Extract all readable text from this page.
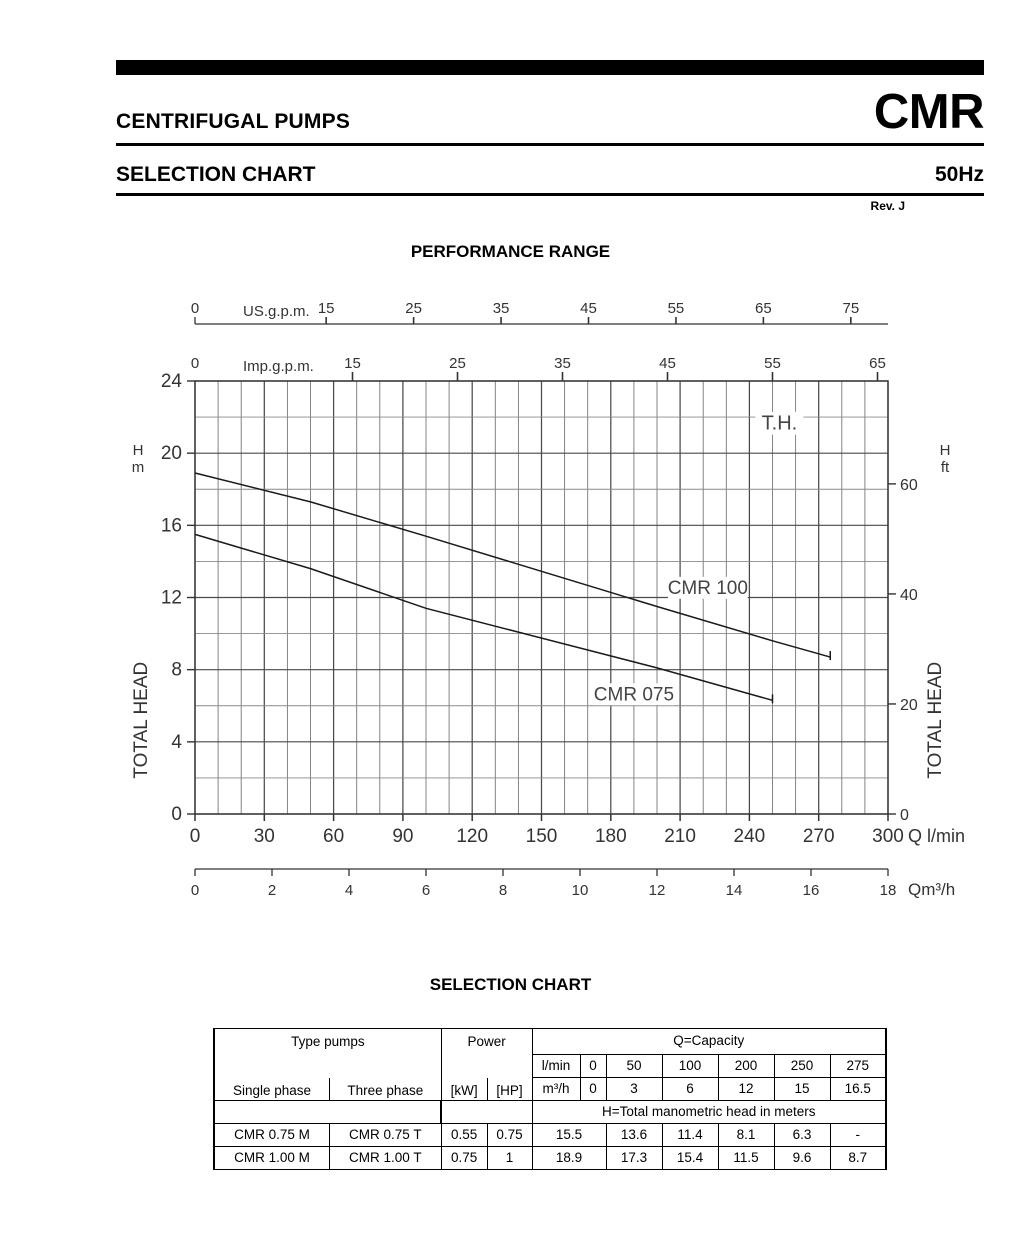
CENTRIFUGAL PUMPS	CMR
SELECTION CHART	50Hz
Rev. J
PERFORMANCE RANGE
0	15	25	35	45	55	65	75
US.g.p.m.
0	15	25	35	45	55	65
Imp.g.p.m.
0
4
8
12
16
20
24
H
m
TOTAL HEAD
0
20
40
60
H
ft
TOTAL HEAD
T.H.
CMR 100
CMR 075
0	30	60	90 120 150 180 210 240 270 300 Q l/min
0	2	4	6	8	10	12	14	16	18 Qm³/h
SELECTION CHART
Type pumps		Power		Q=Capacity						
				l/min	0	50	100	200	250	275
Single phase	Three phase	[kW]	[HP]	m³/h	0	3	6	12	15	16.5
				H=Total manometric head in meters						
CMR 0.75 M	CMR 0.75 T	0.55	0.75	15.5		13.6	11.4	8.1	6.3	-
CMR 1.00 M	CMR 1.00 T	0.75	1	18.9		17.3	15.4	11.5	9.6	8.7
